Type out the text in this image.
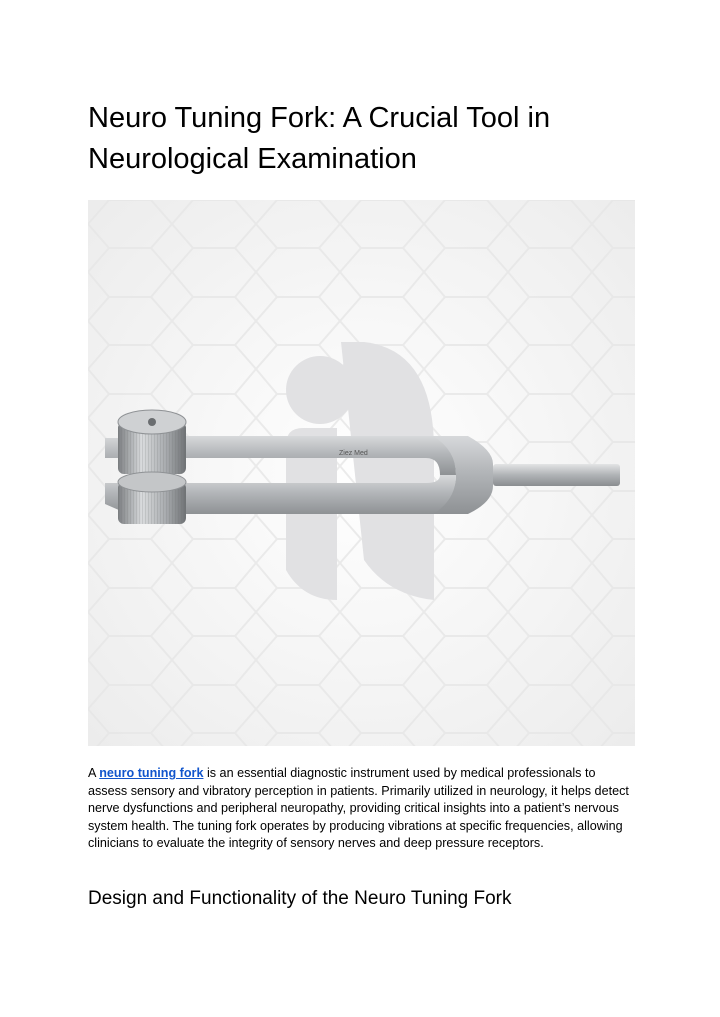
Neuro Tuning Fork: A Crucial Tool in Neurological Examination
Ziez Med

A neuro tuning fork is an essential diagnostic instrument used by medical professionals to assess sensory and vibratory perception in patients. Primarily utilized in neurology, it helps detect nerve dysfunctions and peripheral neuropathy, providing critical insights into a patient’s nervous system health. The tuning fork operates by producing vibrations at specific frequencies, allowing clinicians to evaluate the integrity of sensory nerves and deep pressure receptors.

Design and Functionality of the Neuro Tuning Fork
